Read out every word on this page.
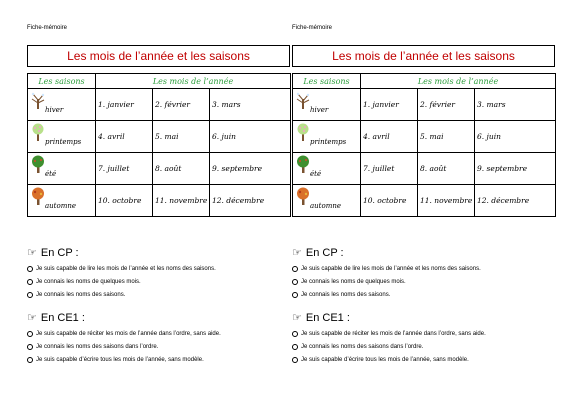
Fiche-mémoire
Les mois de l’année et les saisons
Les saisons	Les mois de l’année		

hiver	1. janvier	2. février	3. mars

printemps	4. avril	5. mai	6. juin

été	7. juillet	8. août	9. septembre

automne	10. octobre	11. novembre	12. décembre
☞ En CP :
Je suis capable de lire les mois de l’année et les noms des saisons.
Je connais les noms de quelques mois.
Je connais les noms des saisons.
☞ En CE1 :
Je suis capable de réciter les mois de l’année dans l’ordre, sans aide.
Je connais les noms des saisons dans l’ordre.
Je suis capable d’écrire tous les mois de l’année, sans modèle.
Fiche-mémoire
Les mois de l’année et les saisons
Les saisons	Les mois de l’année		

hiver	1. janvier	2. février	3. mars

printemps	4. avril	5. mai	6. juin

été	7. juillet	8. août	9. septembre

automne	10. octobre	11. novembre	12. décembre
☞ En CP :
Je suis capable de lire les mois de l’année et les noms des saisons.
Je connais les noms de quelques mois.
Je connais les noms des saisons.
☞ En CE1 :
Je suis capable de réciter les mois de l’année dans l’ordre, sans aide.
Je connais les noms des saisons dans l’ordre.
Je suis capable d’écrire tous les mois de l’année, sans modèle.
